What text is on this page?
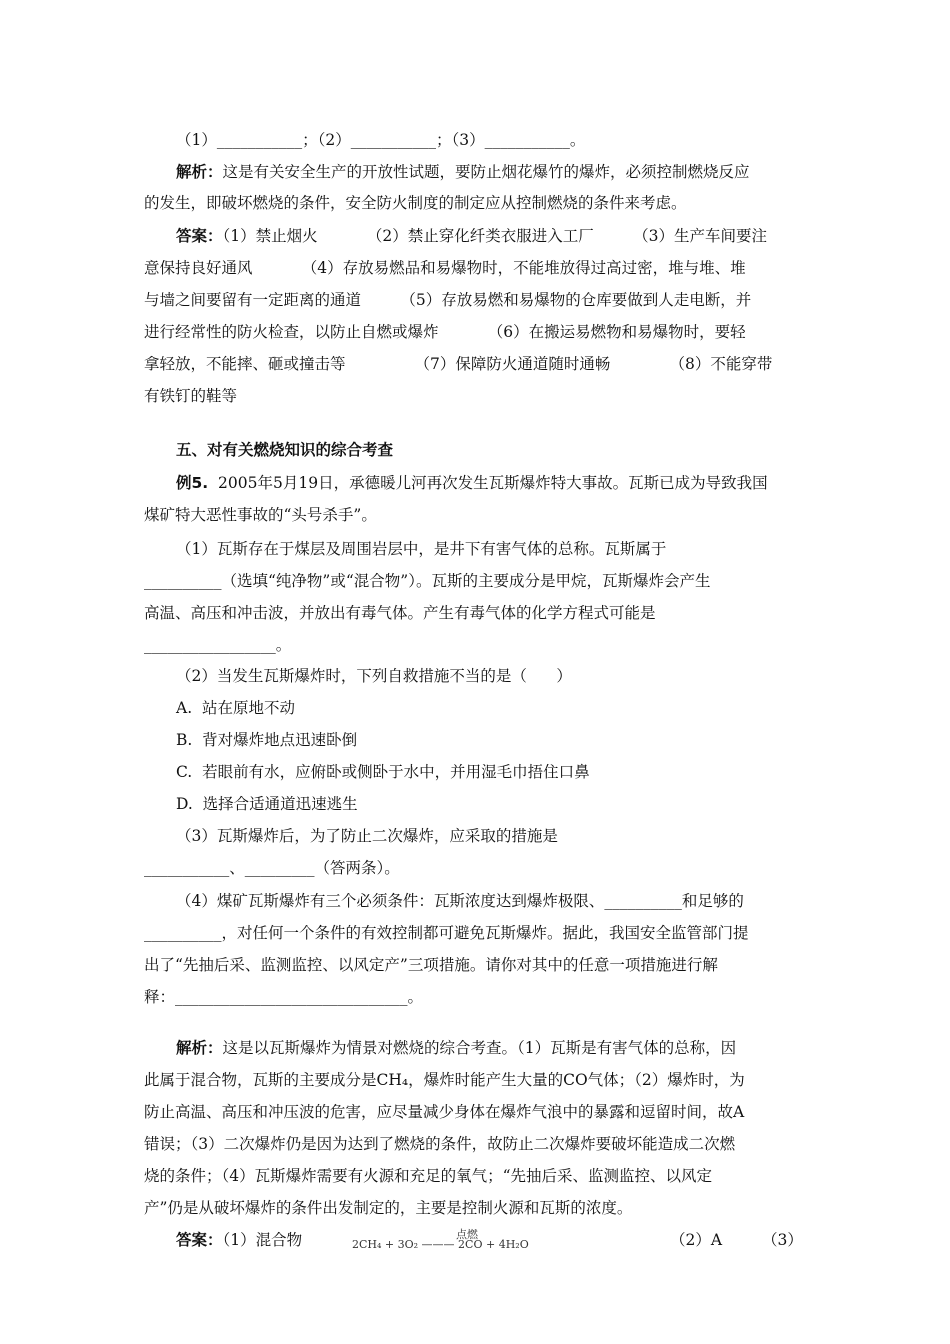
（1）___________；（2）___________；（3）___________。
解析：这是有关安全生产的开放性试题，要防止烟花爆竹的爆炸，必须控制燃烧反应
的发生，即破坏燃烧的条件，安全防火制度的制定应从控制燃烧的条件来考虑。
答案：（1）禁止烟火          （2）禁止穿化纤类衣服进入工厂        （3）生产车间要注
意保持良好通风          （4）存放易燃品和易爆物时，不能堆放得过高过密，堆与堆、堆
与墙之间要留有一定距离的通道        （5）存放易燃和易爆物的仓库要做到人走电断，并
进行经常性的防火检查，以防止自燃或爆炸          （6）在搬运易燃物和易爆物时，要轻
拿轻放，不能摔、砸或撞击等              （7）保障防火通道随时通畅            （8）不能穿带
有铁钉的鞋等
五、对有关燃烧知识的综合考查
例5.  2005年5月19日，承德暖儿河再次发生瓦斯爆炸特大事故。瓦斯已成为导致我国
煤矿特大恶性事故的“头号杀手”。
（1）瓦斯存在于煤层及周围岩层中，是井下有害气体的总称。瓦斯属于
__________（选填“纯净物”或“混合物”）。瓦斯的主要成分是甲烷，瓦斯爆炸会产生
高温、高压和冲击波，并放出有毒气体。产生有毒气体的化学方程式可能是
_________________。
（2）当发生瓦斯爆炸时，下列自救措施不当的是（      ）
A.  站在原地不动
B.  背对爆炸地点迅速卧倒
C.  若眼前有水，应俯卧或侧卧于水中，并用湿毛巾捂住口鼻
D.  选择合适通道迅速逃生
（3）瓦斯爆炸后，为了防止二次爆炸，应采取的措施是
___________、_________（答两条）。
（4）煤矿瓦斯爆炸有三个必须条件：瓦斯浓度达到爆炸极限、__________和足够的
__________，对任何一个条件的有效控制都可避免瓦斯爆炸。据此，我国安全监管部门提
出了“先抽后采、监测监控、以风定产”三项措施。请你对其中的任意一项措施进行解
释：______________________________。
解析：这是以瓦斯爆炸为情景对燃烧的综合考查。（1）瓦斯是有害气体的总称，因
此属于混合物，瓦斯的主要成分是CH₄，爆炸时能产生大量的CO气体；（2）爆炸时，为
防止高温、高压和冲压波的危害，应尽量减少身体在爆炸气浪中的暴露和逗留时间，故A
错误；（3）二次爆炸仍是因为达到了燃烧的条件，故防止二次爆炸要破坏能造成二次燃
烧的条件；（4）瓦斯爆炸需要有火源和充足的氧气；“先抽后采、监测监控、以风定
产”仍是从破坏爆炸的条件出发制定的，主要是控制火源和瓦斯的浓度。
答案：（1）混合物	点燃
2CH₄ + 3O₂ ——— 2CO + 4H₂O	（2）A	（3）
